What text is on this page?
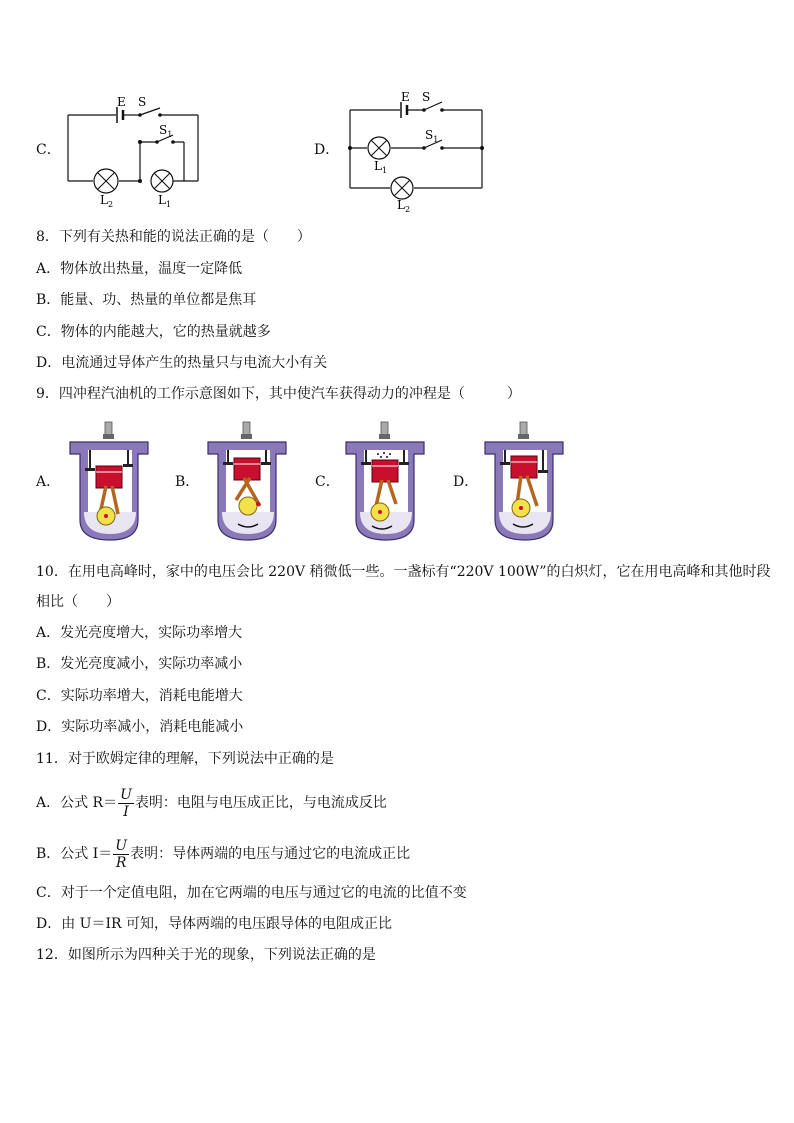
C．
E S
$S_1$
$L_2$	$L_1$
D．
E S
$S_1$
$L_1$
$L_2$
8．下列有关热和能的说法正确的是（　　）
A．物体放出热量，温度一定降低
B．能量、功、热量的单位都是焦耳
C．物体的内能越大，它的热量就越多
D．电流通过导体产生的热量只与电流大小有关
9．四冲程汽油机的工作示意图如下，其中使汽车获得动力的冲程是（　　　）
A．	B．	C．	D．
10．在用电高峰时，家中的电压会比 220V 稍微低一些。一盏标有“220V 100W”的白炽灯，它在用电高峰和其他时段
相比（　　）
A．发光亮度增大，实际功率增大
B．发光亮度减小，实际功率减小
C．实际功率增大，消耗电能增大
D．实际功率减小，消耗电能减小
11．对于欧姆定律的理解，下列说法中正确的是
A．公式 $R= \frac{U}{I}$ 表明：电阻与电压成正比，与电流成反比
B．公式 $I= \frac{U}{R}$ 表明：导体两端的电压与通过它的电流成正比
C．对于一个定值电阻，加在它两端的电压与通过它的电流的比值不变
D．由 U＝IR 可知，导体两端的电压跟导体的电阻成正比
12．如图所示为四种关于光的现象，下列说法正确的是
